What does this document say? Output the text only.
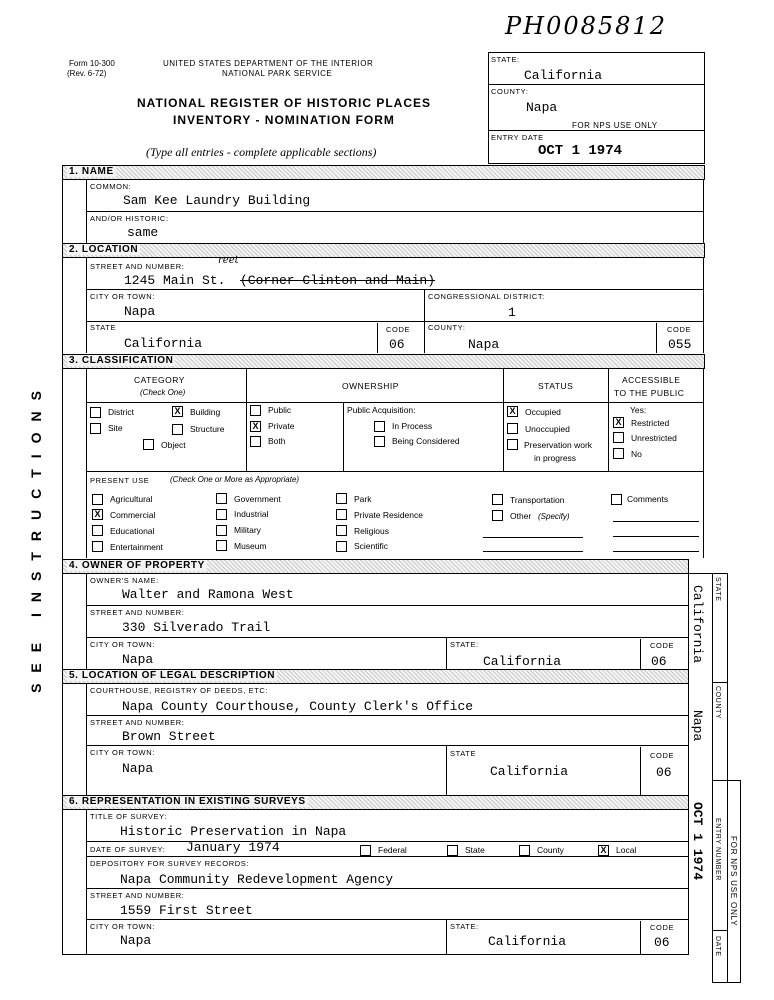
PH0085812
Form 10-300
(Rev. 6-72)
UNITED STATES DEPARTMENT OF THE INTERIOR
NATIONAL PARK SERVICE
NATIONAL REGISTER OF HISTORIC PLACES
INVENTORY - NOMINATION FORM
(Type all entries - complete applicable sections)
STATE:
California
COUNTY:
Napa
FOR NPS USE ONLY
ENTRY DATE
OCT 1 1974
SEE INSTRUCTIONS
1. NAME
COMMON:
Sam Kee Laundry Building
AND/OR HISTORIC:
same
2. LOCATION
STREET AND NUMBER:
1245 Main St.
reet
(Corner Clinton and Main)
CITY OR TOWN:
Napa
CONGRESSIONAL DISTRICT:
1
STATE
California
CODE
06
COUNTY:
Napa
CODE
055
3. CLASSIFICATION
CATEGORY
(Check One)
OWNERSHIP	STATUS
ACCESSIBLE
TO THE PUBLIC
District	X Building
Site	Structure
Object
Public
X Private
Both
Public Acquisition:
In Process
Being Considered
X Occupied
Unoccupied
Preservation work
in progress
Yes:
X Restricted
Unrestricted
No
PRESENT USE	(Check One or More as Appropriate)
Agricultural
X Commercial
Educational
Entertainment
Government
Industrial
Military
Museum
Park
Private Residence
Religious
Scientific
Transportation
Other (Specify)
Comments
4. OWNER OF PROPERTY
OWNER'S NAME:
Walter and Ramona West
STREET AND NUMBER:
330 Silverado Trail
CITY OR TOWN:
Napa
STATE:
California
CODE
06
5. LOCATION OF LEGAL DESCRIPTION
COURTHOUSE, REGISTRY OF DEEDS, ETC:
Napa County Courthouse, County Clerk's Office
STREET AND NUMBER:
Brown Street
CITY OR TOWN:
Napa
STATE
California
CODE
06
6. REPRESENTATION IN EXISTING SURVEYS
TITLE OF SURVEY:
Historic Preservation in Napa
DATE OF SURVEY: January 1974	Federal	State	County	X Local
DEPOSITORY FOR SURVEY RECORDS:
Napa Community Redevelopment Agency
STREET AND NUMBER:
1559 First Street
CITY OR TOWN:
Napa
STATE:
California
CODE
06
STATE
California
COUNTY
Napa
ENTRY NUMBER
OCT 1 1974
DATE
FOR NPS USE ONLY
